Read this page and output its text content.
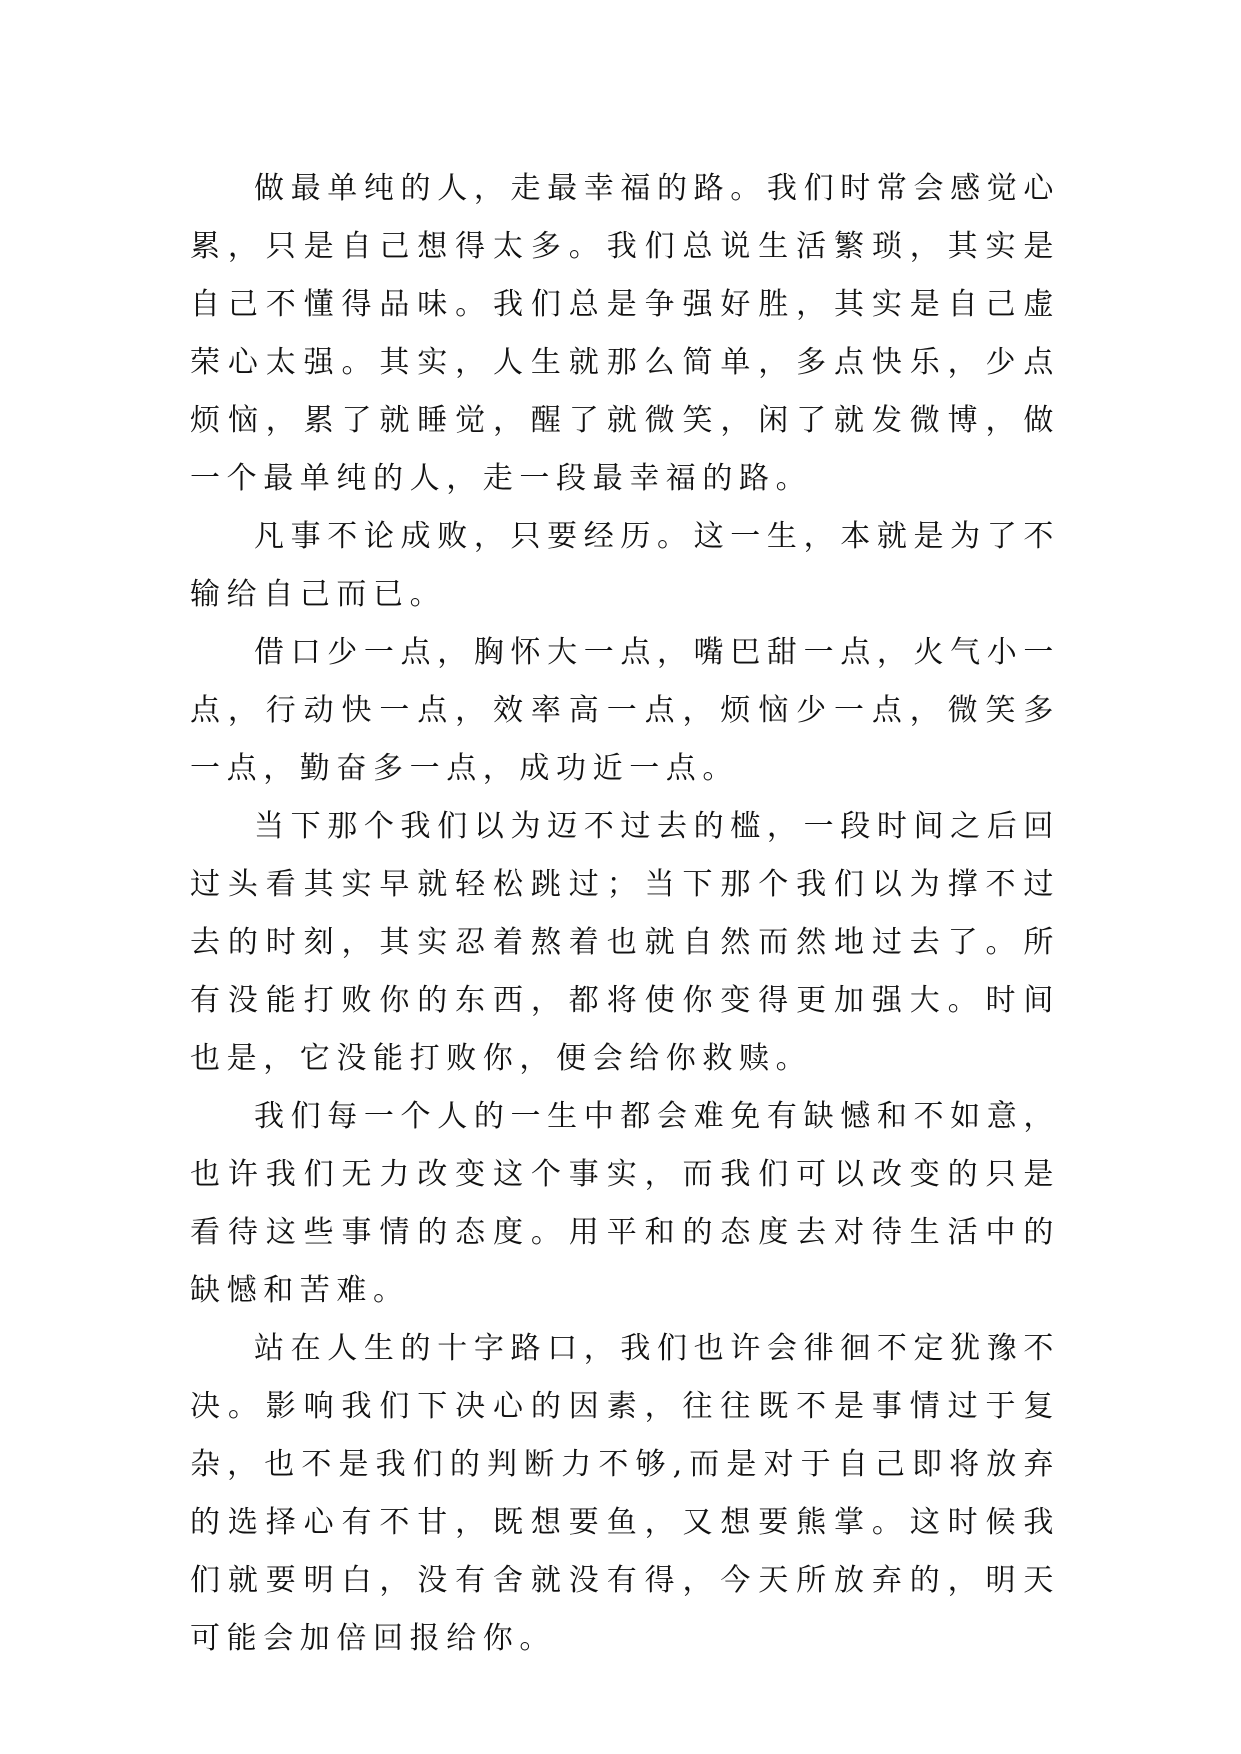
做最单纯的人，走最幸福的路。我们时常会感觉心累，只是自己想得太多。我们总说生活繁琐，其实是自己不懂得品味。我们总是争强好胜，其实是自己虚荣心太强。其实，人生就那么简单，多点快乐，少点烦恼，累了就睡觉，醒了就微笑，闲了就发微博，做一个最单纯的人，走一段最幸福的路。

凡事不论成败，只要经历。这一生，本就是为了不输给自己而已。

借口少一点，胸怀大一点，嘴巴甜一点，火气小一点，行动快一点，效率高一点，烦恼少一点，微笑多一点，勤奋多一点，成功近一点。

当下那个我们以为迈不过去的槛，一段时间之后回过头看其实早就轻松跳过；当下那个我们以为撑不过去的时刻，其实忍着熬着也就自然而然地过去了。所有没能打败你的东西，都将使你变得更加强大。时间也是，它没能打败你，便会给你救赎。

我们每一个人的一生中都会难免有缺憾和不如意，也许我们无力改变这个事实，而我们可以改变的只是看待这些事情的态度。用平和的态度去对待生活中的缺憾和苦难。

站在人生的十字路口，我们也许会徘徊不定犹豫不决。影响我们下决心的因素，往往既不是事情过于复杂，也不是我们的判断力不够,而是对于自己即将放弃的选择心有不甘，既想要鱼，又想要熊掌。这时候我们就要明白，没有舍就没有得，今天所放弃的，明天可能会加倍回报给你。
